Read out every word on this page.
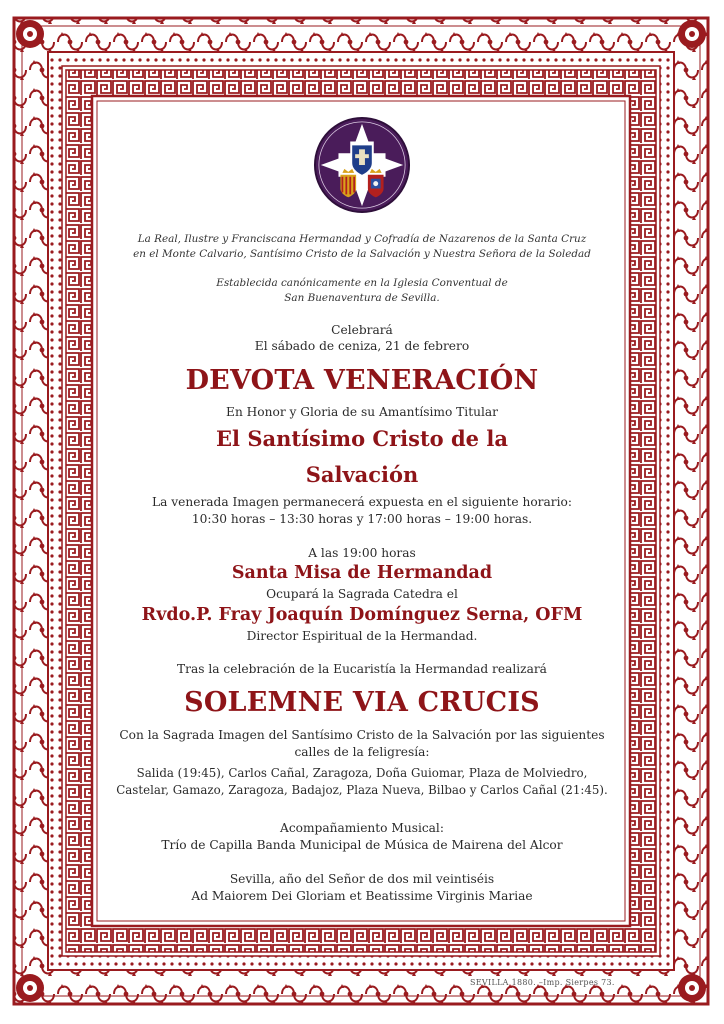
La Real, Ilustre y Franciscana Hermandad y Cofradía de Nazarenos de la Santa Cruz

en el Monte Calvario, Santísimo Cristo de la Salvación y Nuestra Señora de la Soledad

Establecida canónicamente en la Iglesia Conventual de

San Buenaventura de Sevilla.

Celebrará

El sábado de ceniza, 21 de febrero

DEVOTA VENERACIÓN

En Honor y Gloria de su Amantísimo Titular

El Santísimo Cristo de la

Salvación

La venerada Imagen permanecerá expuesta en el siguiente horario:

10:30 horas – 13:30 horas y 17:00 horas – 19:00 horas.

A las 19:00 horas

Santa Misa de Hermandad

Ocupará la Sagrada Catedra el

Rvdo.P. Fray Joaquín Domínguez Serna, OFM

Director Espiritual de la Hermandad.

Tras la celebración de la Eucaristía la Hermandad realizará

SOLEMNE VIA CRUCIS

Con la Sagrada Imagen del Santísimo Cristo de la Salvación por las siguientes

calles de la feligresía:

Salida (19:45), Carlos Cañal, Zaragoza, Doña Guiomar, Plaza de Molviedro,

Castelar, Gamazo, Zaragoza, Badajoz, Plaza Nueva, Bilbao y Carlos Cañal (21:45).

Acompañamiento Musical:

Trío de Capilla Banda Municipal de Música de Mairena del Alcor

Sevilla, año del Señor de dos mil veintiséis

Ad Maiorem Dei Gloriam et Beatissime Virginis Mariae

SEVILLA 1880. –Imp. Sierpes 73.
